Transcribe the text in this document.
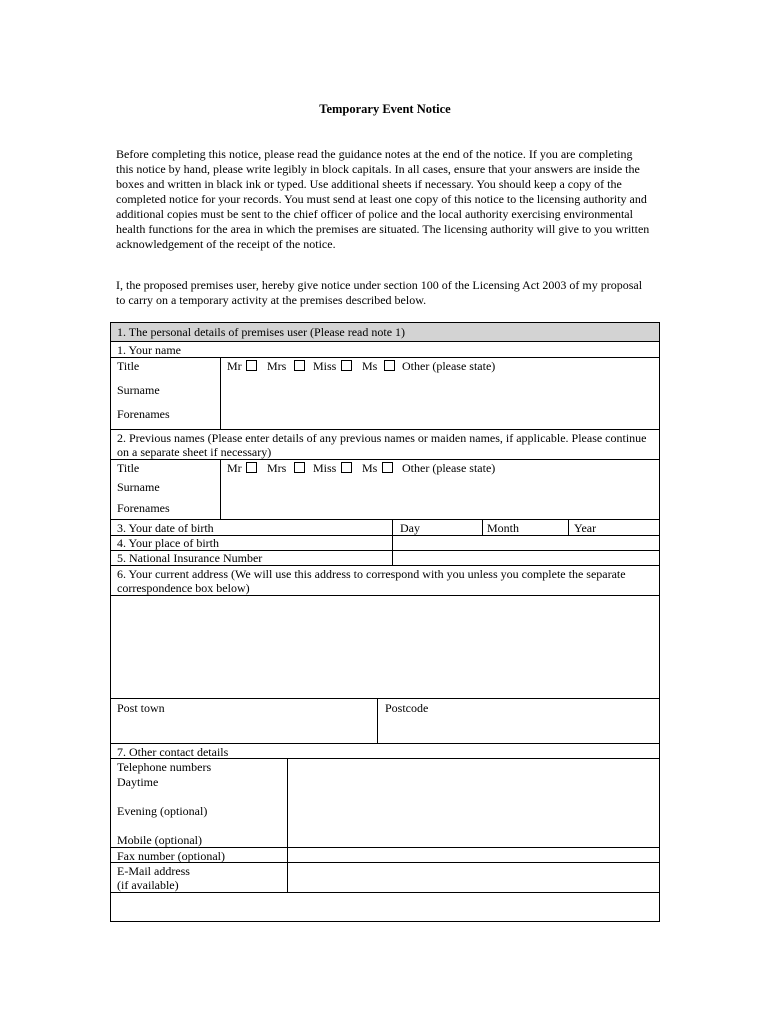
Temporary Event Notice

Before completing this notice, please read the guidance notes at the end of the notice. If you are completing this notice by hand, please write legibly in block capitals. In all cases, ensure that your answers are inside the boxes and written in black ink or typed. Use additional sheets if necessary. You should keep a copy of the completed notice for your records. You must send at least one copy of this notice to the licensing authority and additional copies must be sent to the chief officer of police and the local authority exercising environmental health functions for the area in which the premises are situated. The licensing authority will give to you written acknowledgement of the receipt of the notice.

I, the proposed premises user, hereby give notice under section 100 of the Licensing Act 2003 of my proposal to carry on a temporary activity at the premises described below.

1. The personal details of premises user (Please read note 1)
1. Your name
Title	Mr Mrs Miss Ms Other (please state)
Surname
Forenames
2. Previous names (Please enter details of any previous names or maiden names, if applicable. Please continue on a separate sheet if necessary)
Title	Mr Mrs Miss Ms Other (please state)
Surname
Forenames
3. Your date of birth	Day	Month	Year
4. Your place of birth
5. National Insurance Number
6. Your current address (We will use this address to correspond with you unless you complete the separate correspondence box below)
Post town	Postcode
7. Other contact details
Telephone numbers
Daytime
Evening (optional)
Mobile (optional)
Fax number (optional)
E-Mail address
(if available)
